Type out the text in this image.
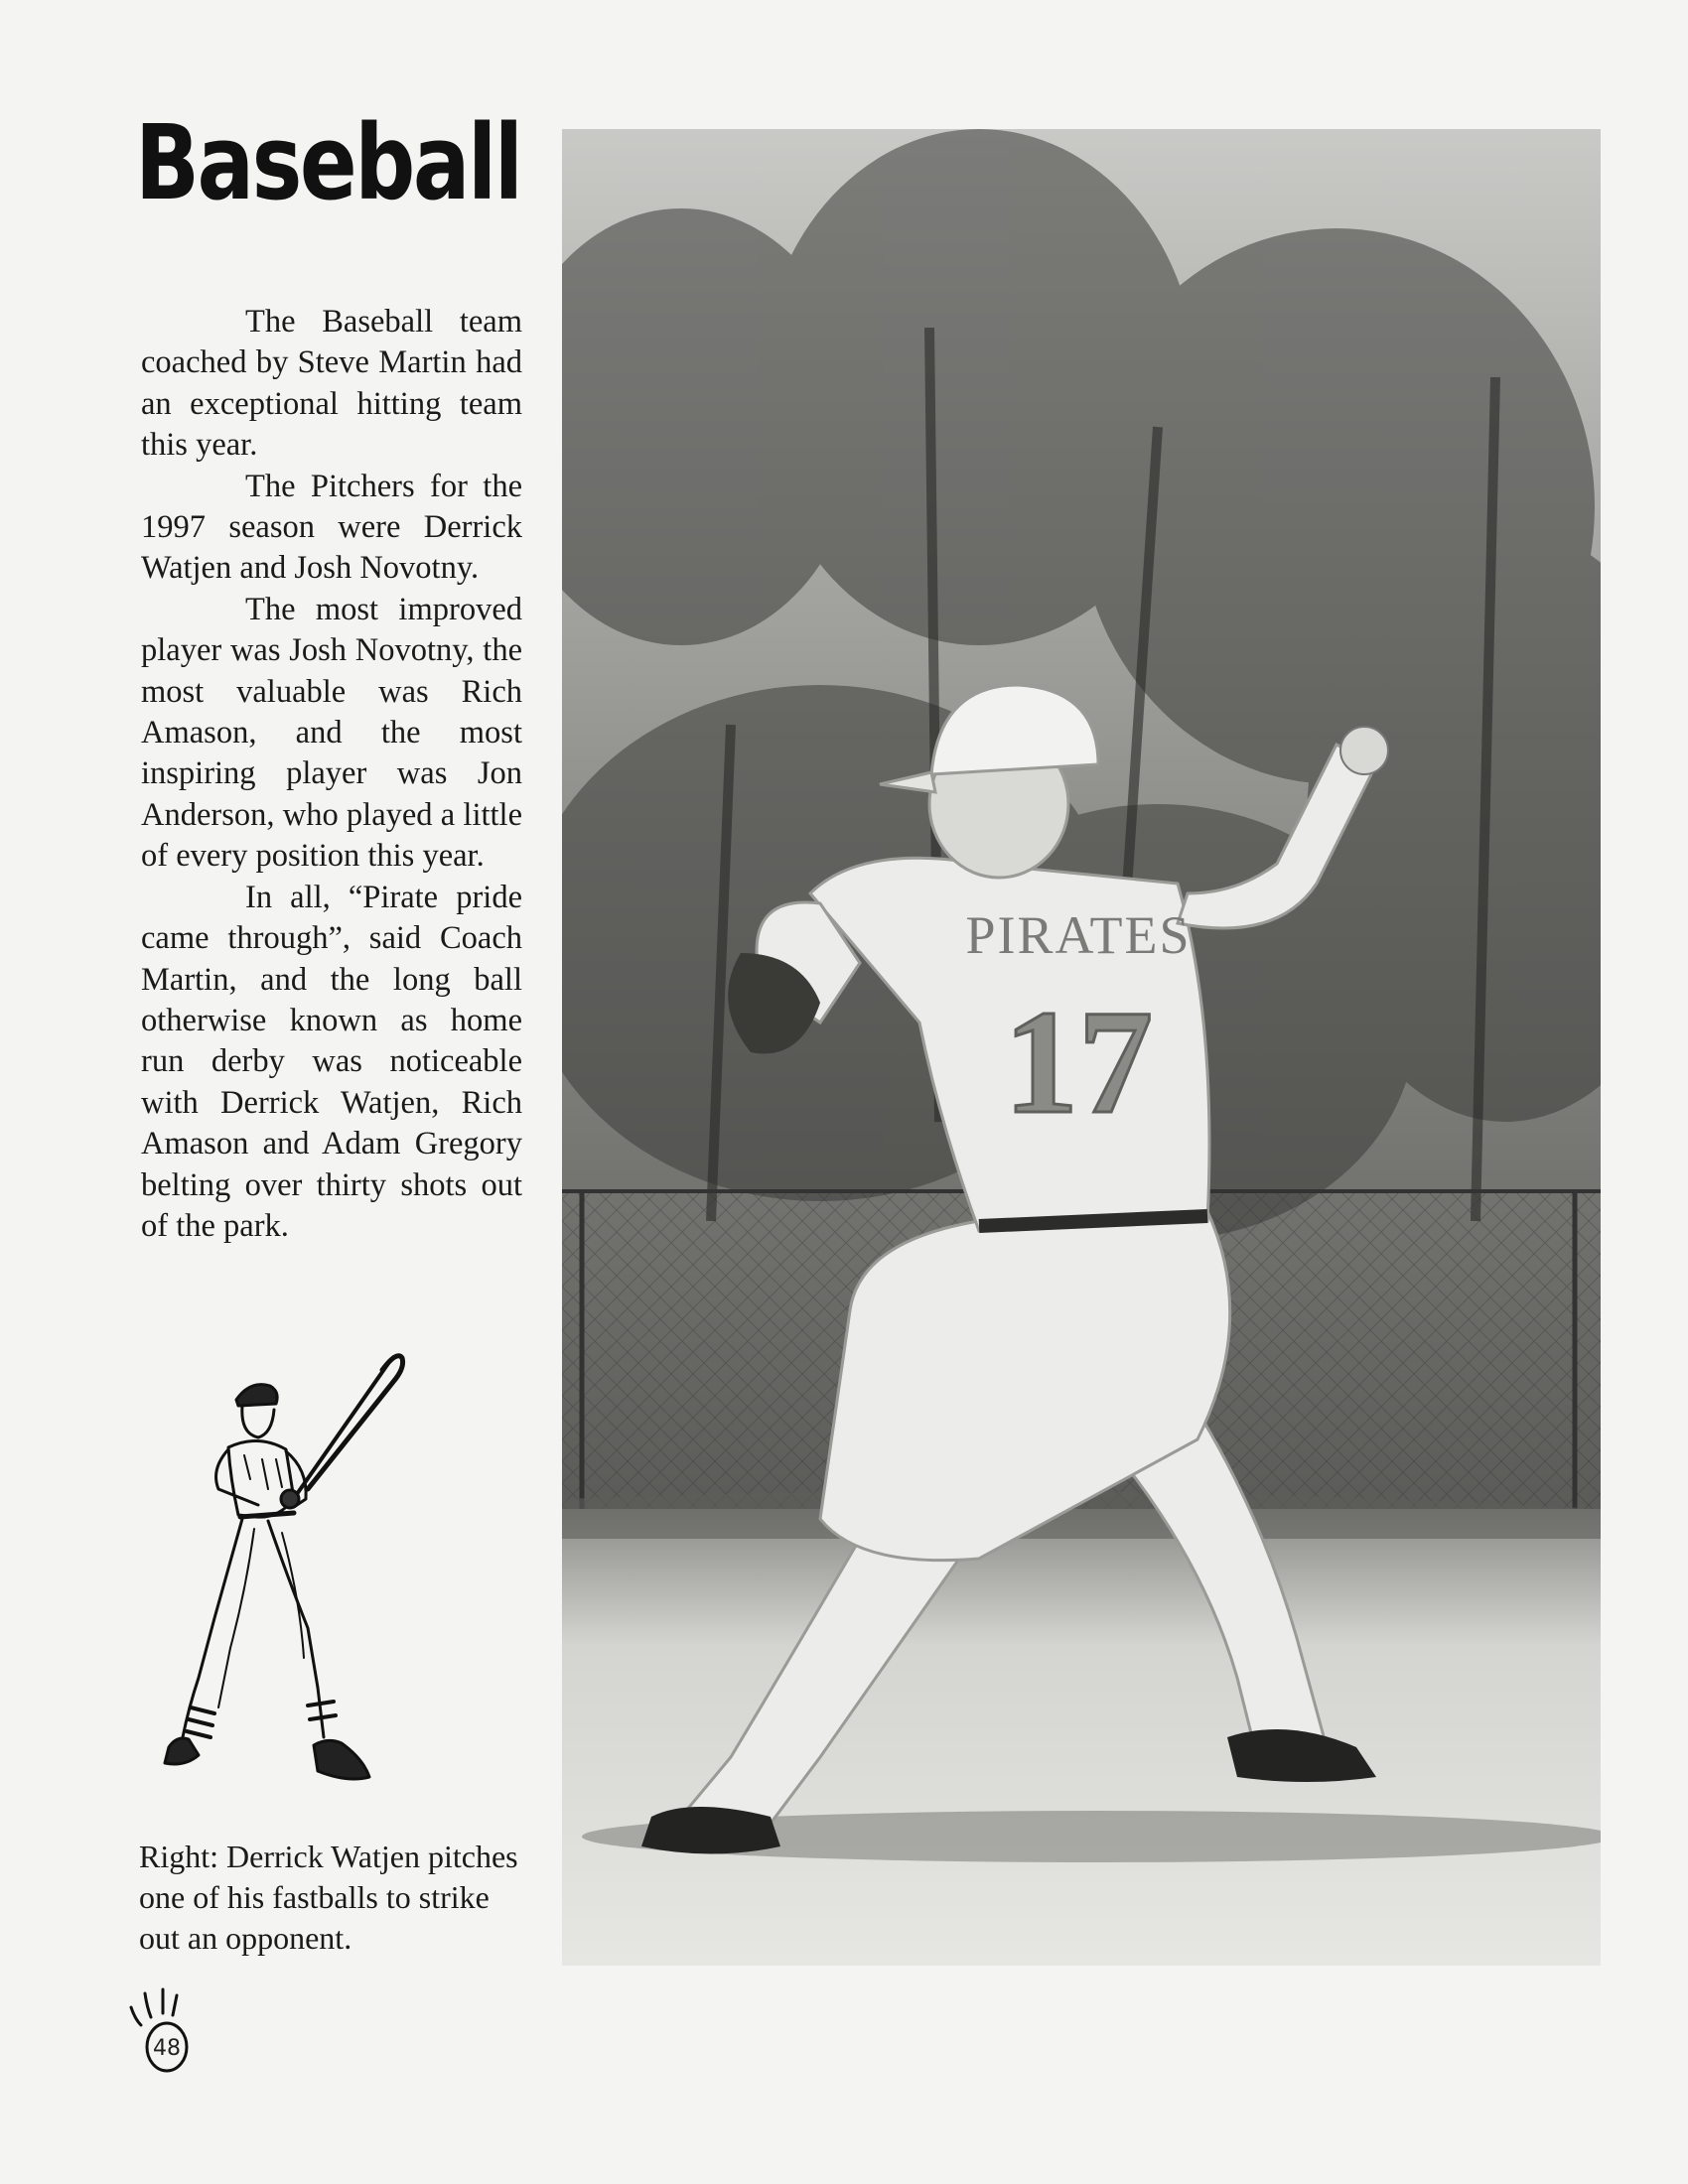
Baseball

The Baseball team coached by Steve Martin had an exceptional hitting team this year.

The Pitchers for the 1997 season were Derrick Watjen and Josh Novotny.

The most improved player was Josh Novotny, the most valuable was Rich Amason, and the most inspiring player was Jon Anderson, who played a little of every position this year.

In all, “Pirate pride came through”, said Coach Martin, and the long ball otherwise known as home run derby was noticeable with Derrick Watjen, Rich Amason and Adam Gregory belting over thirty shots out of the park.

Right: Derrick Watjen pitches one of his fastballs to strike out an opponent.
48
PIRATES
17
